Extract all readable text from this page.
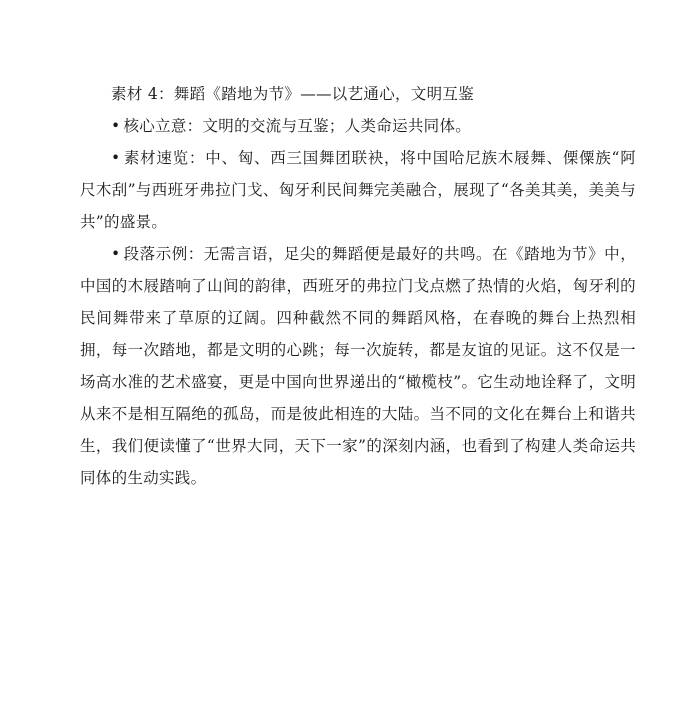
素材 4：舞蹈《踏地为节》——以艺通心，文明互鉴

• 核心立意：文明的交流与互鉴；人类命运共同体。

• 素材速览：中、匈、西三国舞团联袂，将中国哈尼族木屐舞、傈僳族“阿尺木刮”与西班牙弗拉门戈、匈牙利民间舞完美融合，展现了“各美其美，美美与共”的盛景。

• 段落示例：无需言语，足尖的舞蹈便是最好的共鸣。在《踏地为节》中，中国的木屐踏响了山间的韵律，西班牙的弗拉门戈点燃了热情的火焰，匈牙利的民间舞带来了草原的辽阔。四种截然不同的舞蹈风格，在春晚的舞台上热烈相拥，每一次踏地，都是文明的心跳；每一次旋转，都是友谊的见证。这不仅是一场高水准的艺术盛宴，更是中国向世界递出的“橄榄枝”。它生动地诠释了，文明从来不是相互隔绝的孤岛，而是彼此相连的大陆。当不同的文化在舞台上和谐共生，我们便读懂了“世界大同，天下一家”的深刻内涵，也看到了构建人类命运共同体的生动实践。
